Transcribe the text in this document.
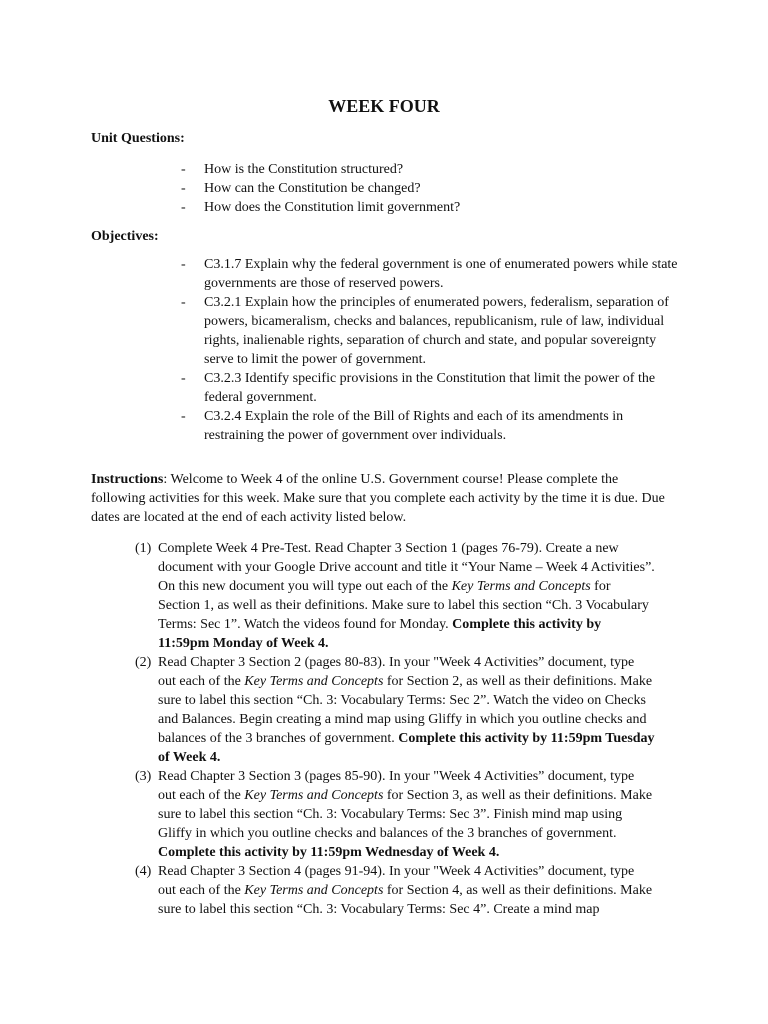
WEEK FOUR
Unit Questions:
- How is the Constitution structured?
- How can the Constitution be changed?
- How does the Constitution limit government?
Objectives:
- C3.1.7 Explain why the federal government is one of enumerated powers while state governments are those of reserved powers.
- C3.2.1 Explain how the principles of enumerated powers, federalism, separation of powers, bicameralism, checks and balances, republicanism, rule of law, individual rights, inalienable rights, separation of church and state, and popular sovereignty serve to limit the power of government.
- C3.2.3 Identify specific provisions in the Constitution that limit the power of the federal government.
- C3.2.4 Explain the role of the Bill of Rights and each of its amendments in restraining the power of government over individuals.
Instructions: Welcome to Week 4 of the online U.S. Government course! Please complete the following activities for this week. Make sure that you complete each activity by the time it is due. Due dates are located at the end of each activity listed below.
(1) Complete Week 4 Pre-Test. Read Chapter 3 Section 1 (pages 76-79). Create a new document with your Google Drive account and title it “Your Name – Week 4 Activities”. On this new document you will type out each of the Key Terms and Concepts for Section 1, as well as their definitions. Make sure to label this section “Ch. 3 Vocabulary Terms: Sec 1”. Watch the videos found for Monday. Complete this activity by 11:59pm Monday of Week 4.
(2) Read Chapter 3 Section 2 (pages 80-83). In your "Week 4 Activities” document, type out each of the Key Terms and Concepts for Section 2, as well as their definitions. Make sure to label this section “Ch. 3: Vocabulary Terms: Sec 2”. Watch the video on Checks and Balances. Begin creating a mind map using Gliffy in which you outline checks and balances of the 3 branches of government. Complete this activity by 11:59pm Tuesday of Week 4.
(3) Read Chapter 3 Section 3 (pages 85-90). In your "Week 4 Activities” document, type out each of the Key Terms and Concepts for Section 3, as well as their definitions. Make sure to label this section “Ch. 3: Vocabulary Terms: Sec 3”. Finish mind map using Gliffy in which you outline checks and balances of the 3 branches of government. Complete this activity by 11:59pm Wednesday of Week 4.
(4) Read Chapter 3 Section 4 (pages 91-94). In your "Week 4 Activities” document, type out each of the Key Terms and Concepts for Section 4, as well as their definitions. Make sure to label this section “Ch. 3: Vocabulary Terms: Sec 4”. Create a mind map
